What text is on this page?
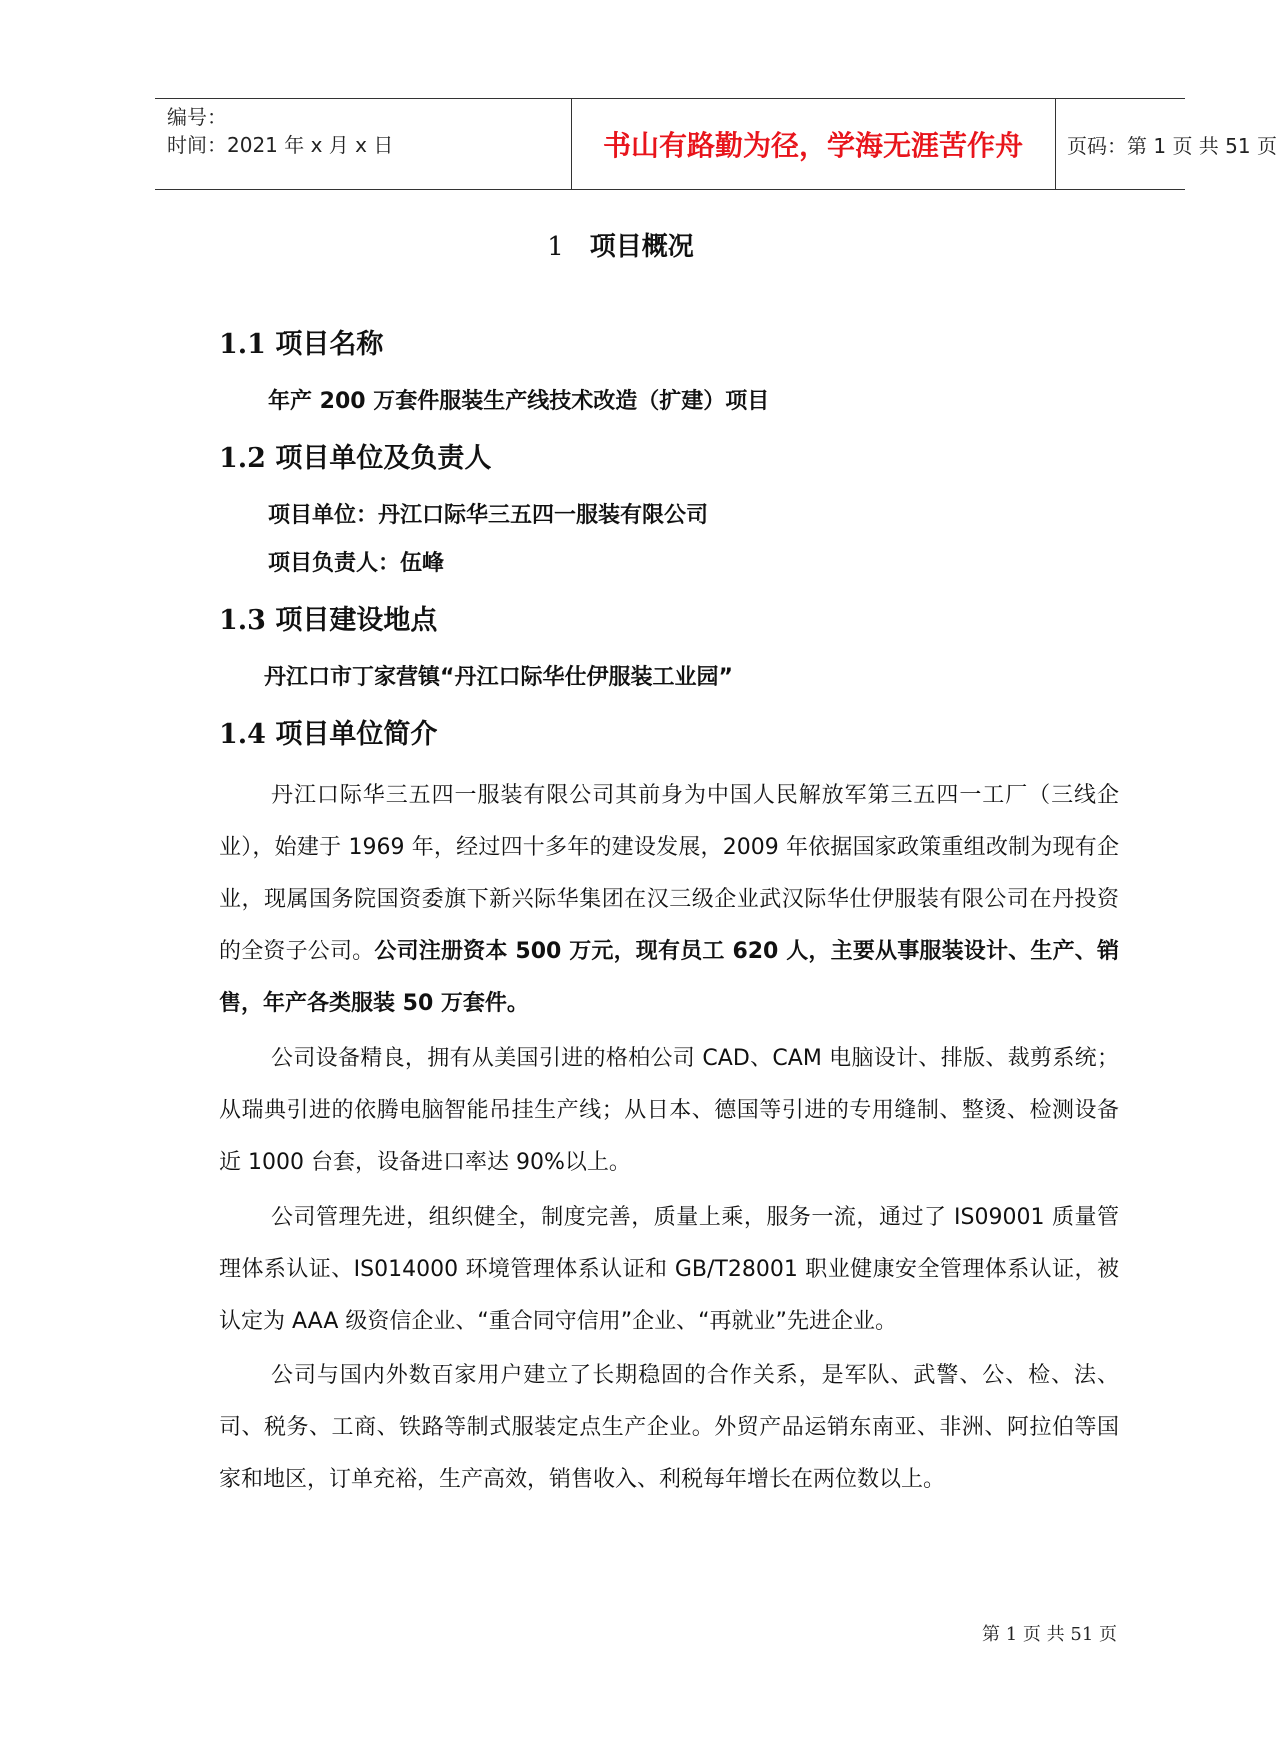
编号：
时间：2021 年 x 月 x 日	书山有路勤为径，学海无涯苦作舟	页码：第 1 页 共 51 页
1 项目概况
1.1 项目名称
年产 200 万套件服装生产线技术改造（扩建）项目
1.2 项目单位及负责人
项目单位：丹江口际华三五四一服装有限公司
项目负责人：伍峰
1.3 项目建设地点
丹江口市丁家营镇“丹江口际华仕伊服装工业园”
1.4 项目单位简介
丹江口际华三五四一服装有限公司其前身为中国人民解放军第三五四一工厂（三线企业），始建于 1969 年，经过四十多年的建设发展，2009 年依据国家政策重组改制为现有企业，现属国务院国资委旗下新兴际华集团在汉三级企业武汉际华仕伊服装有限公司在丹投资的全资子公司。公司注册资本 500 万元，现有员工 620 人，主要从事服装设计、生产、销售，年产各类服装 50 万套件。
公司设备精良，拥有从美国引进的格柏公司 CAD、CAM 电脑设计、排版、裁剪系统；从瑞典引进的依腾电脑智能吊挂生产线；从日本、德国等引进的专用缝制、整烫、检测设备近 1000 台套，设备进口率达 90%以上。
公司管理先进，组织健全，制度完善，质量上乘，服务一流，通过了 IS09001 质量管理体系认证、IS014000 环境管理体系认证和 GB/T28001 职业健康安全管理体系认证，被认定为 AAA 级资信企业、“重合同守信用”企业、“再就业”先进企业。
公司与国内外数百家用户建立了长期稳固的合作关系，是军队、武警、公、检、法、司、税务、工商、铁路等制式服装定点生产企业。外贸产品运销东南亚、非洲、阿拉伯等国家和地区，订单充裕，生产高效，销售收入、利税每年增长在两位数以上。
第 1 页 共 51 页
